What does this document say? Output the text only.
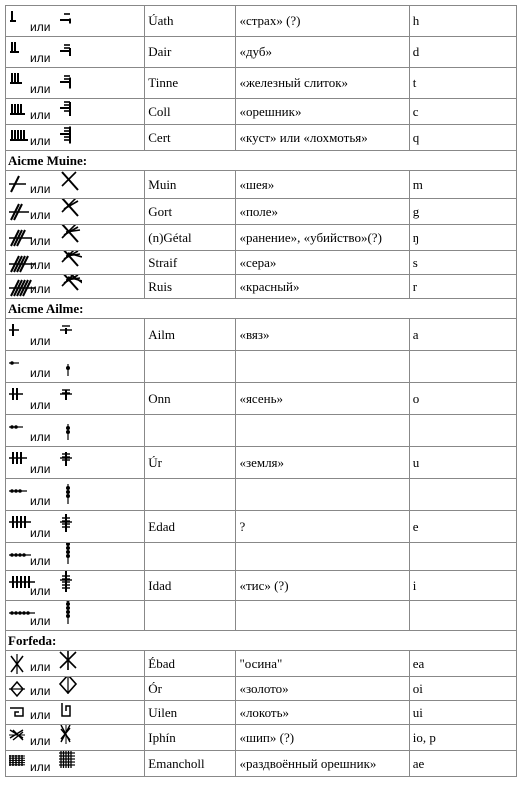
или	Úath	«страх» (?)	h

или	Dair	«дуб»	d

или	Tinne	«железный слиток»	t

или	Coll	«орешник»	c

или	Cert	«куст» или «лохмотья»	q
Aicme Muine:			

или	Muin	«шея»	m

или	Gort	«поле»	g

или	(n)Gétal	«ранение», «убийство»(?)	ŋ

или	Straif	«сера»	s

или	Ruis	«красный»	r
Aicme Ailme:			

или	Ailm	«вяз»	a

или			

или	Onn	«ясень»	o

или			

или	Úr	«земля»	u

или			

или	Edad	?	e

или			

или	Idad	«тис» (?)	i

или			

Forfeda:			

или	Ébad	"осина"	ea

или	Ór	«золото»	oi

или	Uilen	«локоть»	ui

или	Iphín	«шип» (?)	io, p

или	Emancholl	«раздвоённый орешник»	ae
